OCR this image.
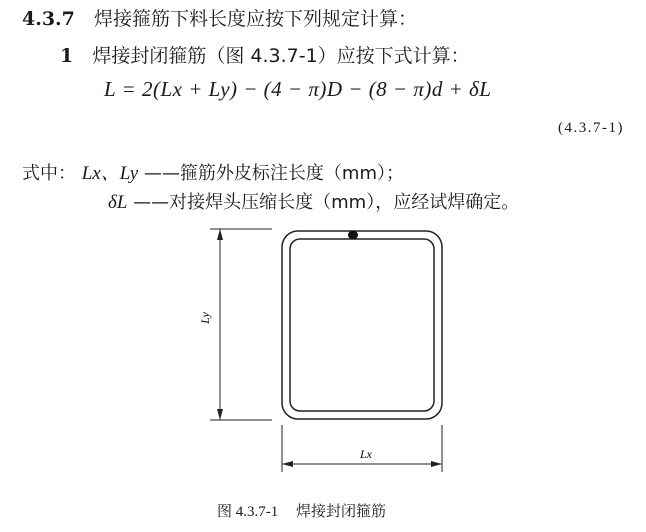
4.3.7 焊接箍筋下料长度应按下列规定计算：
1 焊接封闭箍筋（图 4.3.7-1）应按下式计算：
L = 2(Lx + Ly) − (4 − π)D − (8 − π)d + δL
(4.3.7-1)
式中： Lx、Ly ——箍筋外皮标注长度（mm）；
δL ——对接焊头压缩长度（mm），应经试焊确定。
Lx
Ly
图 4.3.7-1 焊接封闭箍筋
